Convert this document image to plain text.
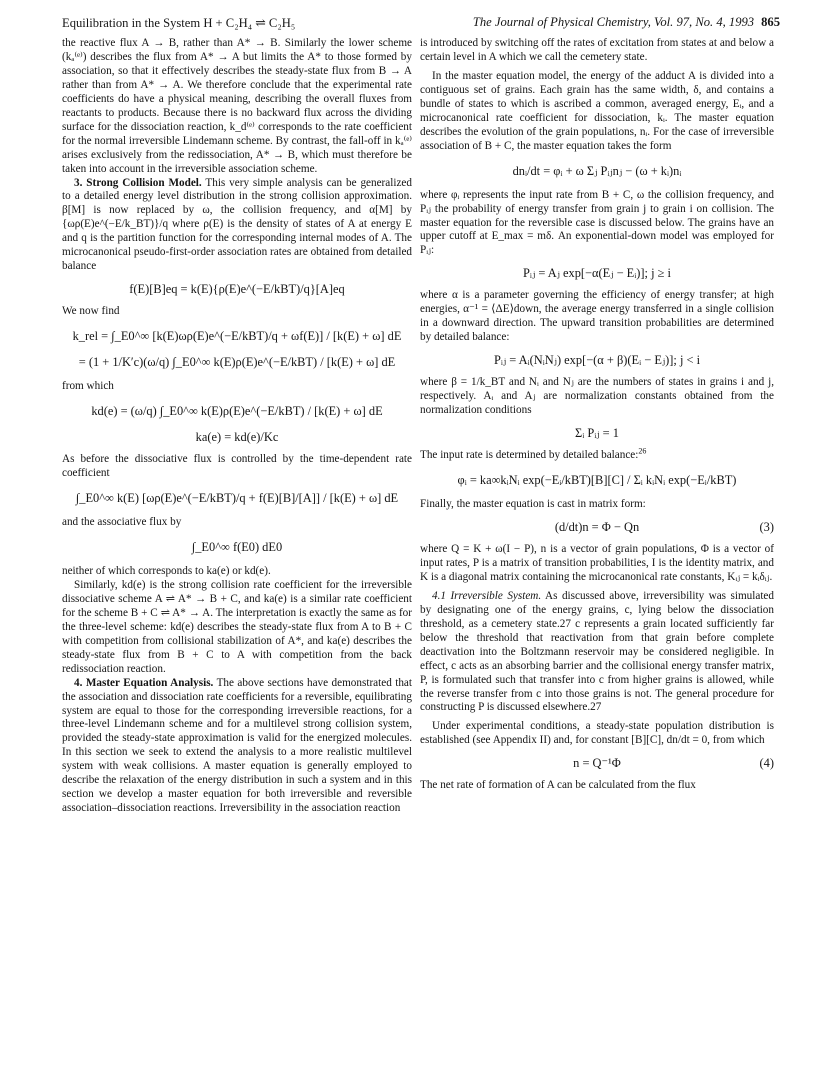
Equilibration in the System H + C₂H₄ ⇌ C₂H₅	The Journal of Physical Chemistry, Vol. 97, No. 4, 1993 865

the reactive flux A → B, rather than A* → B. Similarly the lower scheme (kₐ⁽ᵉ⁾) describes the flux from A* → A but limits the A* to those formed by association, so that it effectively describes the steady-state flux from B → A rather than from A* → A. We therefore conclude that the experimental rate coefficients do have a physical meaning, describing the overall fluxes from reactants to products. Because there is no backward flux across the dividing surface for the dissociation reaction, k_d⁽ᵉ⁾ corresponds to the rate coefficient for the normal irreversible Lindemann scheme. By contrast, the fall-off in kₐ⁽ᵉ⁾ arises exclusively from the redissociation, A* → B, which must therefore be taken into account in the irreversible association scheme.

3. Strong Collision Model. This very simple analysis can be generalized to a detailed energy level distribution in the strong collision approximation. β[M] is now replaced by ω, the collision frequency, and α[M] by {ωρ(E)e^(−E/k_BT)}/q where ρ(E) is the density of states of A at energy E and q is the partition function for the corresponding internal modes of A. The microcanonical pseudo-first-order association rates are obtained from detailed balance

f(E)[B]eq = k(E){ρ(E)e^(−E/kBT)/q}[A]eq

We now find

k_rel = ∫_E0^∞ [k(E)ωρ(E)e^(−E/kBT)/q + ωf(E)] / [k(E) + ω] dE
= (1 + 1/K′c)(ω/q) ∫_E0^∞ k(E)ρ(E)e^(−E/kBT) / [k(E) + ω] dE

from which

kd(e) = (ω/q) ∫_E0^∞ k(E)ρ(E)e^(−E/kBT) / [k(E) + ω] dE
ka(e) = kd(e)/Kc

As before the dissociative flux is controlled by the time-dependent rate coefficient

∫_E0^∞ k(E) [ωρ(E)e^(−E/kBT)/q + f(E)[B]/[A]] / [k(E) + ω] dE

and the associative flux by

∫_E0^∞ f(E0) dE0

neither of which corresponds to ka(e) or kd(e).

Similarly, kd(e) is the strong collision rate coefficient for the irreversible dissociative scheme A ⇌ A* → B + C, and ka(e) is a similar rate coefficient for the scheme B + C ⇌ A* → A. The interpretation is exactly the same as for the three-level scheme: kd(e) describes the steady-state flux from A to B + C with competition from collisional stabilization of A*, and ka(e) describes the steady-state flux from B + C to A with competition from the back redissociation reaction.

4. Master Equation Analysis. The above sections have demonstrated that the association and dissociation rate coefficients for a reversible, equilibrating system are equal to those for the corresponding irreversible reactions, for a three-level Lindemann scheme and for a multilevel strong collision system, provided the steady-state approximation is valid for the energized molecules. In this section we seek to extend the analysis to a more realistic multilevel system with weak collisions. A master equation is generally employed to describe the relaxation of the energy distribution in such a system and in this section we develop a master equation for both irreversible and reversible association–dissociation reactions. Irreversibility in the association reaction

is introduced by switching off the rates of excitation from states at and below a certain level in A which we call the cemetery state.

In the master equation model, the energy of the adduct A is divided into a contiguous set of grains. Each grain has the same width, δ, and contains a bundle of states to which is ascribed a common, averaged energy, Eᵢ, and a microcanonical rate coefficient for dissociation, kᵢ. The master equation describes the evolution of the grain populations, nᵢ. For the case of irreversible association of B + C, the master equation takes the form

dnᵢ/dt = φᵢ + ω Σⱼ Pᵢⱼnⱼ − (ω + kᵢ)nᵢ

where φᵢ represents the input rate from B + C, ω the collision frequency, and Pᵢⱼ the probability of energy transfer from grain j to grain i on collision. The master equation for the reversible case is discussed below. The grains have an upper cutoff at E_max = mδ. An exponential-down model was employed for Pᵢⱼ:

Pᵢⱼ = Aⱼ exp[−α(Eⱼ − Eᵢ)]; j ≥ i

where α is a parameter governing the efficiency of energy transfer; at high energies, α⁻¹ = ⟨ΔE⟩down, the average energy transferred in a single collision in a downward direction. The upward transition probabilities are determined by detailed balance:

Pᵢⱼ = Aᵢ(NᵢNⱼ) exp[−(α + β)(Eᵢ − Eⱼ)]; j < i

where β = 1/k_BT and Nᵢ and Nⱼ are the numbers of states in grains i and j, respectively. Aᵢ and Aⱼ are normalization constants obtained from the normalization conditions

Σᵢ Pᵢⱼ = 1

The input rate is determined by detailed balance:$^{26}$

φᵢ = ka∞kᵢNᵢ exp(−Eᵢ/kBT)[B][C] / Σᵢ kᵢNᵢ exp(−Eᵢ/kBT)

Finally, the master equation is cast in matrix form:

(d/dt)n = Φ − Qn	(3)

where Q = K + ω(I − P), n is a vector of grain populations, Φ is a vector of input rates, P is a matrix of transition probabilities, I is the identity matrix, and K is a diagonal matrix containing the microcanonical rate constants, Kᵢⱼ = kᵢδᵢⱼ.

4.1 Irreversible System. As discussed above, irreversibility was simulated by designating one of the energy grains, c, lying below the dissociation threshold, as a cemetery state.27 c represents a grain located sufficiently far below the threshold that reactivation from that grain before complete deactivation into the Boltzmann reservoir may be considered negligible. In effect, c acts as an absorbing barrier and the collisional energy transfer matrix, P, is formulated such that transfer into c from higher grains is allowed, while the reverse transfer from c into those grains is not. The general procedure for constructing P is discussed elsewhere.27

Under experimental conditions, a steady-state population distribution is established (see Appendix II) and, for constant [B][C], dn/dt = 0, from which

n = Q⁻¹Φ	(4)

The net rate of formation of A can be calculated from the flux
